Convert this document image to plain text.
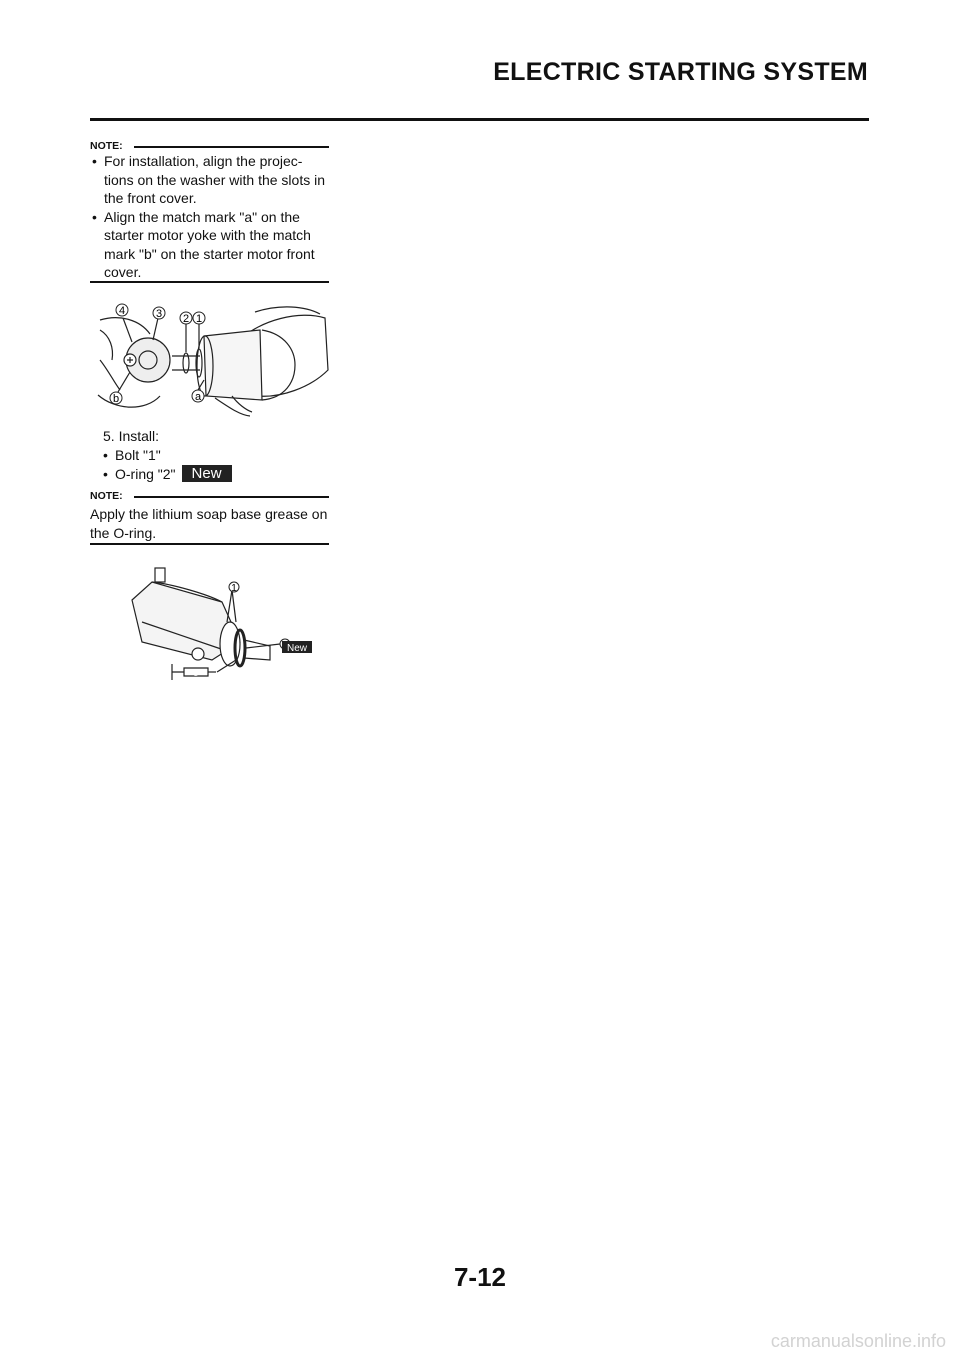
ELECTRIC STARTING SYSTEM
NOTE:
• For installation, align the projec-tions on the washer with the slots in the front cover.
• Align the match mark "a" on the starter motor yoke with the match mark "b" on the starter motor front cover.
4	3 2 1
b	a
5. Install:
• Bolt "1"
• O-ring "2" New
NOTE:
Apply the lithium soap base grease on the O-ring.
1
New
B
7-12
carmanualsonline.info
